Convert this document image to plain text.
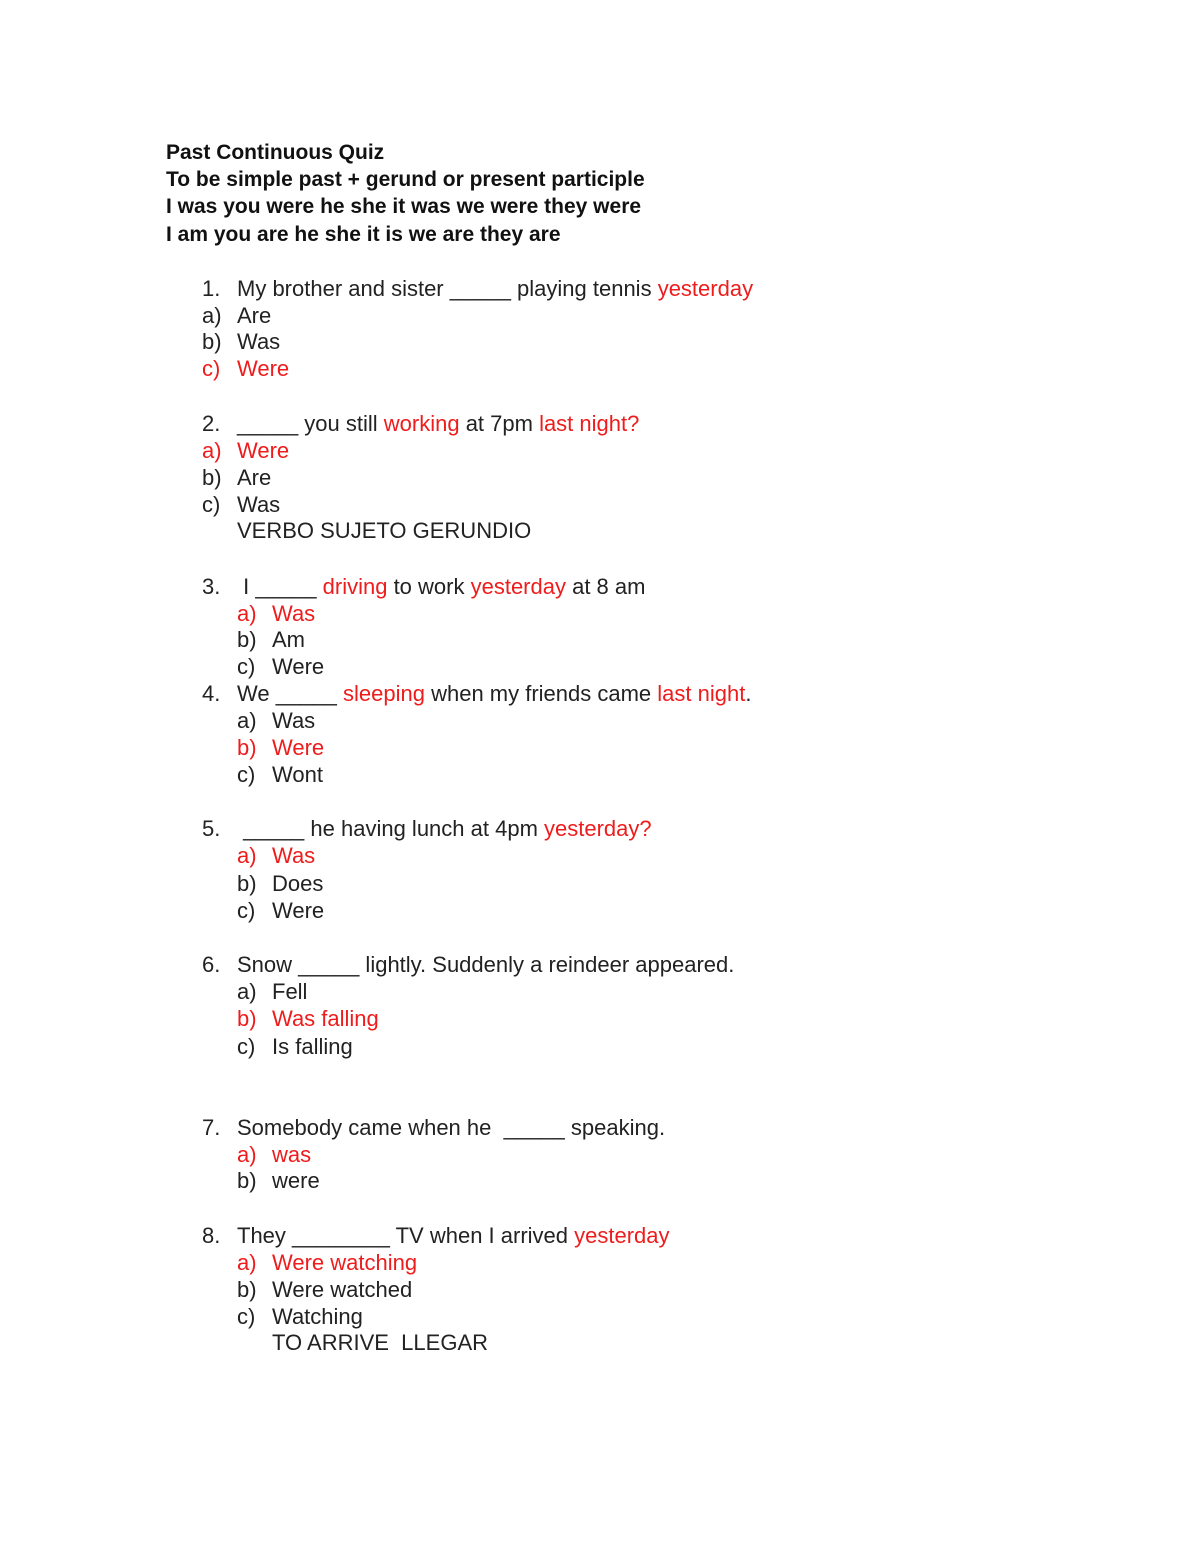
Past Continuous Quiz
To be simple past + gerund or present participle
I was you were he she it was we were they were
I am you are he she it is we are they are
1. My brother and sister _____ playing tennis yesterday
a) Are
b) Was
c) Were
2. _____ you still working at 7pm last night?
a) Were
b) Are
c) Was
VERBO SUJETO GERUNDIO
3. I _____ driving to work yesterday at 8 am
a) Was
b) Am
c) Were
4. We _____ sleeping when my friends came last night.
a) Was
b) Were
c) Wont
5. _____ he having lunch at 4pm yesterday?
a) Was
b) Does
c) Were
6. Snow _____ lightly. Suddenly a reindeer appeared.
a) Fell
b) Was falling
c) Is falling
7. Somebody came when he  _____ speaking.
a) was
b) were
8. They ________ TV when I arrived yesterday
a) Were watching
b) Were watched
c) Watching
TO ARRIVE  LLEGAR
